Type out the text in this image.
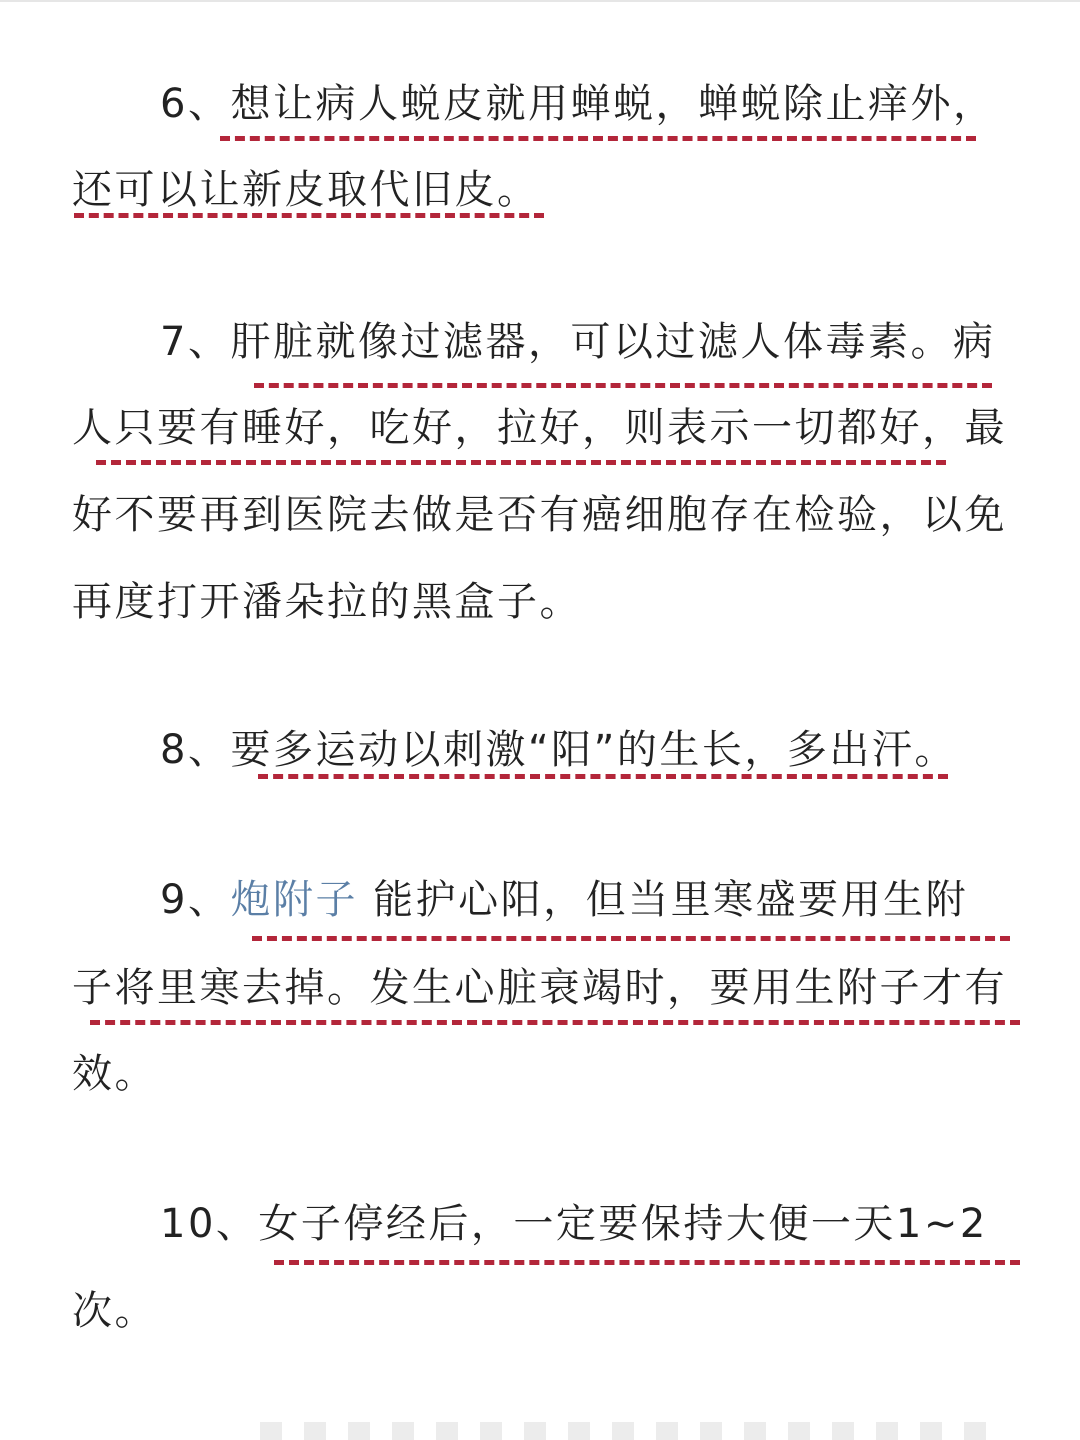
6、想让病人蜕皮就用蝉蜕，蝉蜕除止痒外，
还可以让新皮取代旧皮。
7、肝脏就像过滤器，可以过滤人体毒素。病
人只要有睡好，吃好，拉好，则表示一切都好，最
好不要再到医院去做是否有癌细胞存在检验，以免
再度打开潘朵拉的黑盒子。
8、要多运动以刺激“阳”的生长，多出汗。
9、炮附子 能护心阳，但当里寒盛要用生附
子将里寒去掉。发生心脏衰竭时，要用生附子才有
效。
10、女子停经后，一定要保持大便一天1~2
次。
